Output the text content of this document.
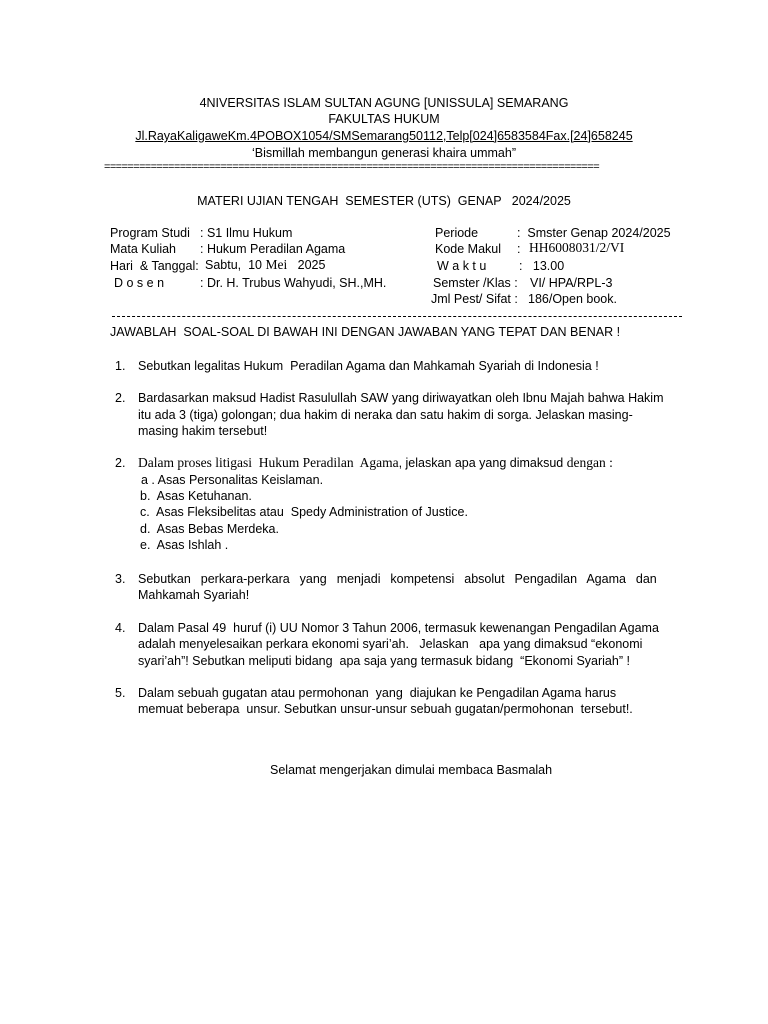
4NIVERSITAS ISLAM SULTAN AGUNG [UNISSULA] SEMARANG
FAKULTAS HUKUM
Jl.RayaKaligaweKm.4POBOX1054/SMSemarang50112,Telp[024]6583584Fax.[24]658245
‘Bismillah membangun generasi khaira ummah”
=====================================================================================
MATERI UJIAN TENGAH  SEMESTER (UTS)  GENAP   2024/2025
Program Studi : S1 Ilmu Hukum
Mata Kuliah : Hukum Peradilan Agama
Hari  & Tanggal: Sabtu,  10 Mei   2025
D o s e n	: Dr. H. Trubus Wahyudi, SH.,MH.
Periode	:  Smster Genap 2024/2025
Kode Makul : HH6008031/2/VI
W a k t u	:   13.00
Semster /Klas : VI/ HPA/RPL-3
Jml Pest/ Sifat : 186/Open book.
JAWABLAH  SOAL-SOAL DI BAWAH INI DENGAN JAWABAN YANG TEPAT DAN BENAR !
1. Sebutkan legalitas Hukum  Peradilan Agama dan Mahkamah Syariah di Indonesia !
2. Bardasarkan maksud Hadist Rasulullah SAW yang diriwayatkan oleh Ibnu Majah bahwa Hakim
itu ada 3 (tiga) golongan; dua hakim di neraka dan satu hakim di sorga. Jelaskan masing-
masing hakim tersebut!
2. Dalam proses litigasi  Hukum Peradilan  Agama, jelaskan apa yang dimaksud dengan :
a . Asas Personalitas Keislaman.
b.  Asas Ketuhanan.
c.  Asas Fleksibelitas atau  Spedy Administration of Justice.
d.  Asas Bebas Merdeka.
e.  Asas Ishlah .
3. Sebutkan  perkara-perkara  yang  menjadi  kompetensi  absolut  Pengadilan  Agama  dan
Mahkamah Syariah!
4. Dalam Pasal 49  huruf (i) UU Nomor 3 Tahun 2006, termasuk kewenangan Pengadilan Agama
adalah menyelesaikan perkara ekonomi syari’ah.   Jelaskan   apa yang dimaksud “ekonomi
syari’ah”! Sebutkan meliputi bidang  apa saja yang termasuk bidang  “Ekonomi Syariah” !
5. Dalam sebuah gugatan atau permohonan  yang  diajukan ke Pengadilan Agama harus
memuat beberapa  unsur. Sebutkan unsur-unsur sebuah gugatan/permohonan  tersebut!.
Selamat mengerjakan dimulai membaca Basmalah
